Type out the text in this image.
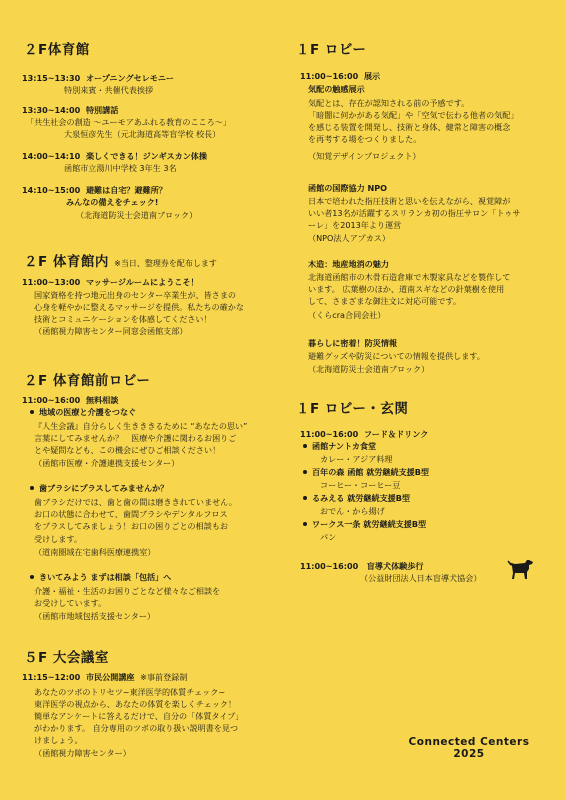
２F体育館
13:15~13:30 オープニングセレモニー
特別来賓・共催代表挨拶
13:30~14:00 特別講話
「共生社会の創造 ～ユーモアあふれる教育のこころ～」
大泉恒彦先生（元北海道高等盲学校 校長）
14:00~14:10 楽しくできる！ジンギスカン体操
函館市立湯川中学校 3年生 3名
14:10~15:00 避難は自宅？避難所？
みんなの備えをチェック!
（北海道防災士会道南ブロック）
２F 体育館内 ※当日、整理券を配布します
11:00~13:00 マッサージルームにようこそ！
国家資格を持つ地元出身のセンター卒業生が、皆さまの
心身を軽やかに整えるマッサージを提供。私たちの確かな
技術とコミュニケーションを体感してください！
（函館視力障害センター同窓会函館支部）
２F 体育館前ロビー
11:00~16:00 無料相談
地域の医療と介護をつなぐ
『人生会議』自分らしく生きききるために “あなたの思い”
言葉にしてみませんか？　医療や介護に関わるお困りご
とや疑問なども、この機会にぜひご相談ください！
（函館市医療・介護連携支援センター）
歯ブラシにプラスしてみませんか？
歯ブラシだけでは、歯と歯の間は磨ききれていません。
お口の状態に合わせて、歯間ブラシやデンタルフロス
をプラスしてみましょう！お口の困りごとの相談もお
受けします。
（道南圏域在宅歯科医療連携室）
きいてみよう まずは相談「包括」へ
介護・福祉・生活のお困りごとなど様々なご相談を
お受けしています。
（函館市地域包括支援センター）
５F 大会議室
11:15~12:00 市民公開講座 ※事前登録制
あなたのツボのトリセツ~東洋医学的体質チェック~
東洋医学の視点から、あなたの体質を楽しくチェック！
簡単なアンケートに答えるだけで、自分の「体質タイプ」
がわかります。 自分専用のツボの取り扱い説明書を見つ
けましょう。
（函館視力障害センター）
１F ロビー
11:00~16:00 展示
気配の触感展示
気配とは、存在が認知される前の予感です。
「暗闇に何かがある気配」や「空気で伝わる他者の気配」
を感じる装置を開発し、技術と身体、健常と障害の概念
を再考する場をつくりました。
（知覚デザインプロジェクト）
函館の国際協力 NPO
日本で培われた指圧技術と思いを伝えながら、視覚障が
いい者13名が活躍するスリランカ初の指圧サロン「トゥサ
ーレ」を2013年より運営
（NPO法人アプカス）
木造：地産地消の魅力
北海道函館市の木骨石造倉庫で木製家具などを製作して
います。 広葉樹のほか、道南スギなどの針葉樹を使用
して、さまざまな御注文に対応可能です。
（くらcra合同会社）
暮らしに密着！防災情報
避難グッズや防災についての情報を提供します。
（北海道防災士会道南ブロック）
１F ロビー・玄関
11:00~16:00 フード＆ドリンク
函館ナントカ食堂
カレー・アジア料理
百年の森 函館 就労継続支援B型
コーヒー・コーヒー豆
るみえる 就労継続支援B型
おでん・から揚げ
ワークス一条 就労継続支援B型
パン
11:00~16:00 盲導犬体験歩行
（公益財団法人日本盲導犬協会）
Connected Centers
2025
